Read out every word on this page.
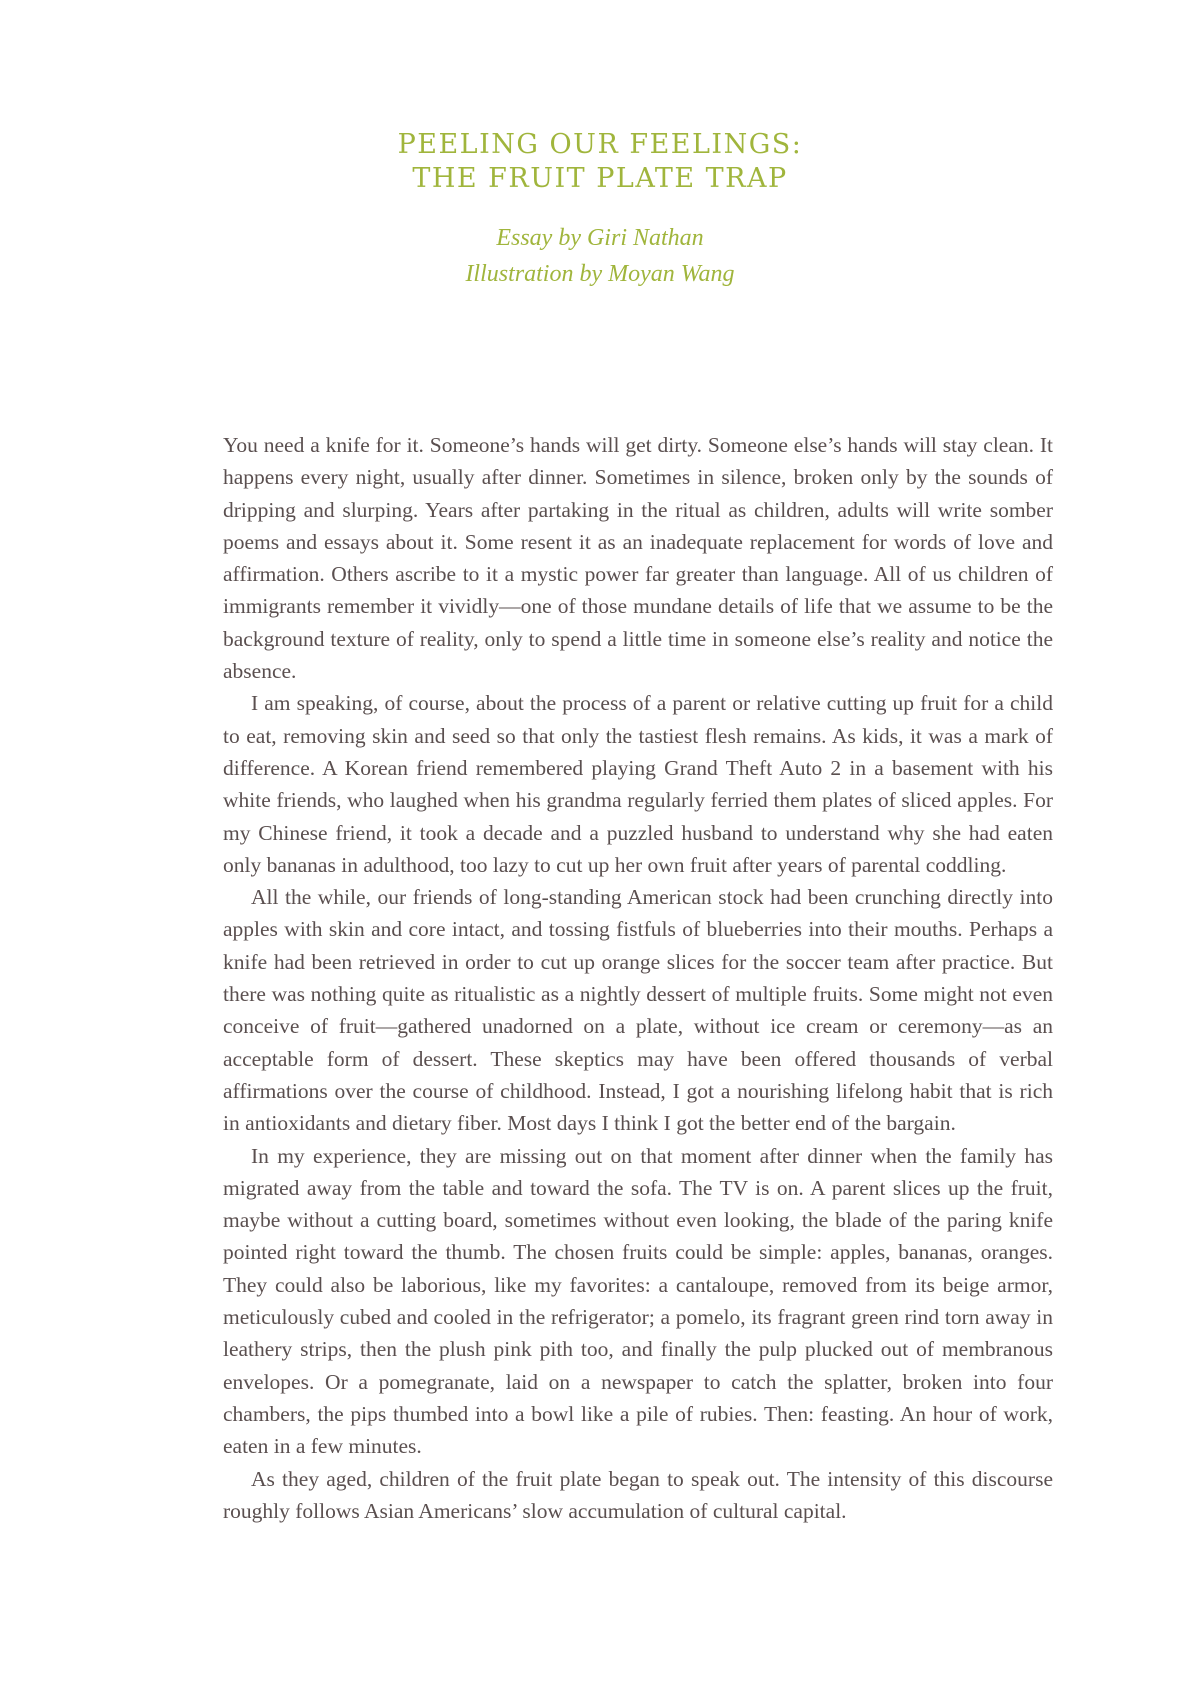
PEELING OUR FEELINGS:
THE FRUIT PLATE TRAP
Essay by Giri Nathan
Illustration by Moyan Wang

You need a knife for it. Someone’s hands will get dirty. Someone else’s hands will stay clean. It happens every night, usually after dinner. Sometimes in silence, broken only by the sounds of dripping and slurping. Years after partaking in the ritual as children, adults will write somber poems and essays about it. Some resent it as an inadequate replacement for words of love and affirmation. Others ascribe to it a mystic power far greater than language. All of us children of immigrants remember it vividly—one of those mundane details of life that we assume to be the background texture of reality, only to spend a little time in someone else’s reality and notice the absence.

I am speaking, of course, about the process of a parent or relative cutting up fruit for a child to eat, removing skin and seed so that only the tastiest flesh remains. As kids, it was a mark of difference. A Korean friend remembered playing Grand Theft Auto 2 in a basement with his white friends, who laughed when his grandma regularly ferried them plates of sliced apples. For my Chinese friend, it took a decade and a puzzled husband to understand why she had eaten only bananas in adulthood, too lazy to cut up her own fruit after years of parental coddling.

All the while, our friends of long-standing American stock had been crunching directly into apples with skin and core intact, and tossing fistfuls of blueberries into their mouths. Perhaps a knife had been retrieved in order to cut up orange slices for the soccer team after practice. But there was nothing quite as ritualistic as a nightly dessert of multiple fruits. Some might not even conceive of fruit—gathered unadorned on a plate, without ice cream or ceremony—as an acceptable form of dessert. These skeptics may have been offered thousands of verbal affirmations over the course of childhood. Instead, I got a nourishing lifelong habit that is rich in antioxidants and dietary fiber. Most days I think I got the better end of the bargain.

In my experience, they are missing out on that moment after dinner when the family has migrated away from the table and toward the sofa. The TV is on. A parent slices up the fruit, maybe without a cutting board, sometimes without even looking, the blade of the paring knife pointed right toward the thumb. The chosen fruits could be simple: apples, bananas, oranges. They could also be laborious, like my favorites: a cantaloupe, removed from its beige armor, meticulously cubed and cooled in the refrigerator; a pomelo, its fragrant green rind torn away in leathery strips, then the plush pink pith too, and finally the pulp plucked out of membranous envelopes. Or a pomegranate, laid on a newspaper to catch the splatter, broken into four chambers, the pips thumbed into a bowl like a pile of rubies. Then: feasting. An hour of work, eaten in a few minutes.

As they aged, children of the fruit plate began to speak out. The intensity of this discourse roughly follows Asian Americans’ slow accumulation of cultural capital.
